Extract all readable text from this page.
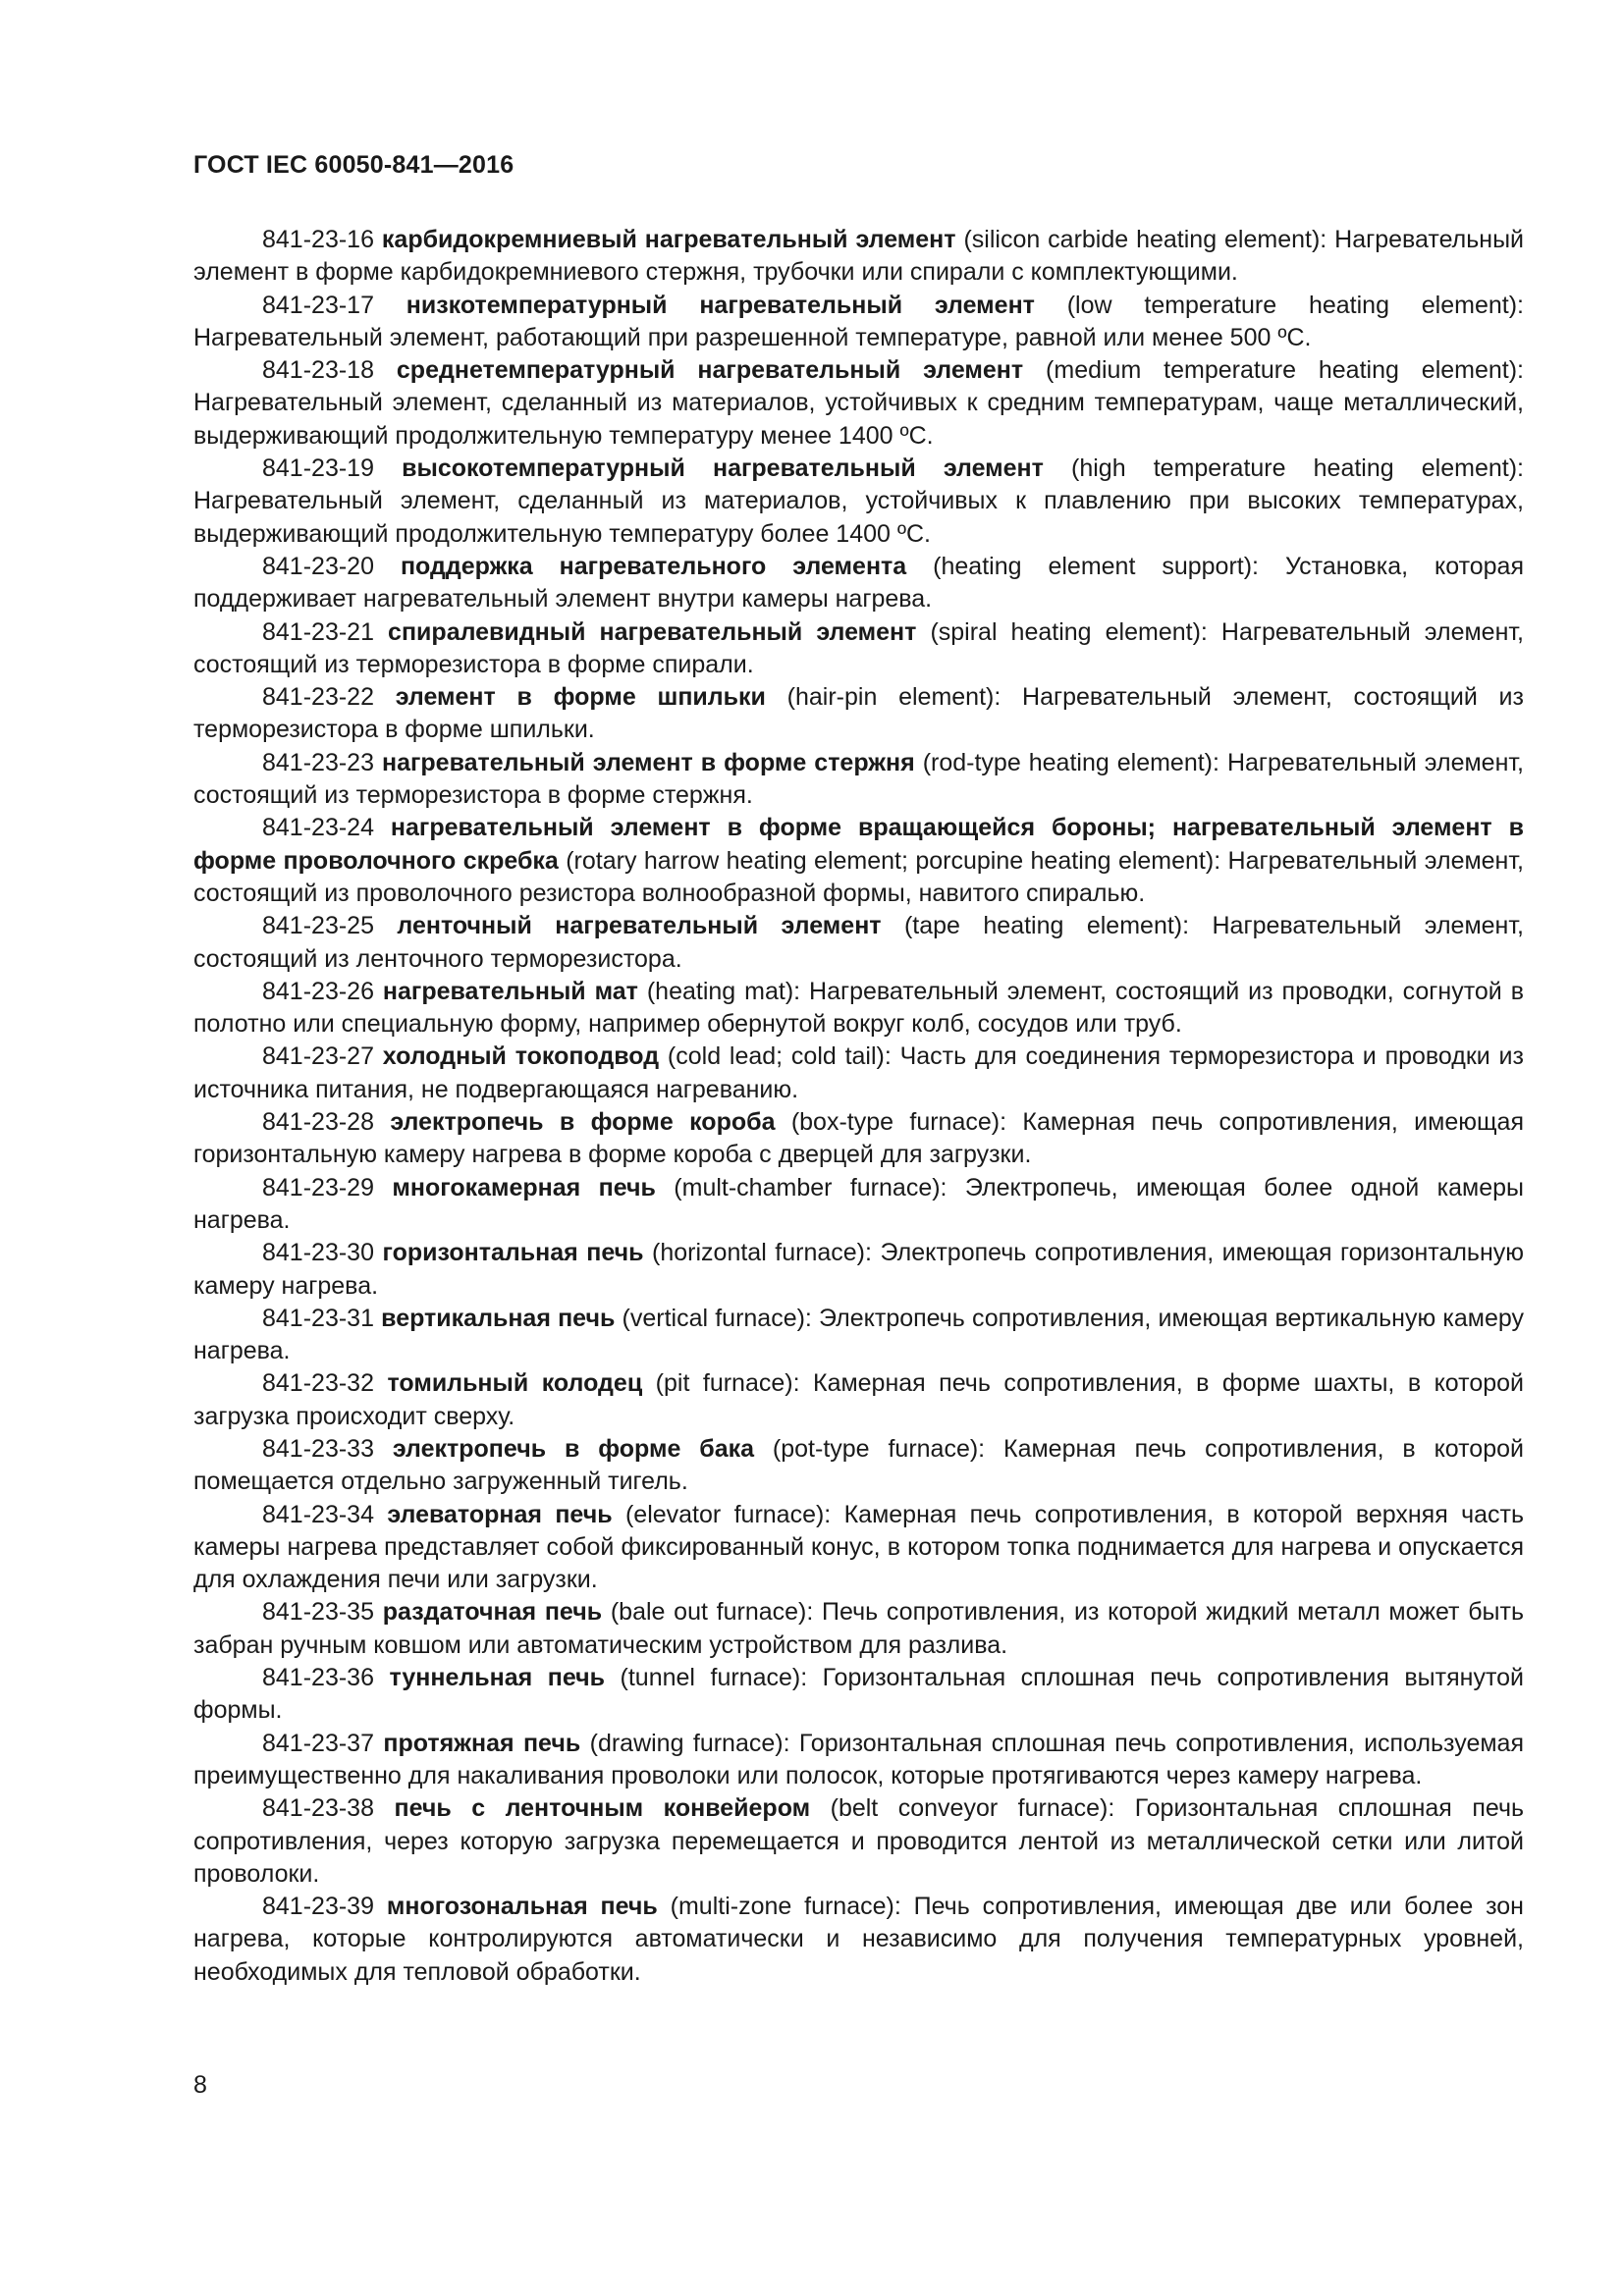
ГОСТ IEC 60050-841—2016

841-23-16 карбидокремниевый нагревательный элемент (silicon carbide heating element): Нагревательный элемент в форме карбидокремниевого стержня, трубочки или спирали с комплектующими.

841-23-17 низкотемпературный нагревательный элемент (low temperature heating element): Нагревательный элемент, работающий при разрешенной температуре, равной или менее 500 ºC.

841-23-18 среднетемпературный нагревательный элемент (medium temperature heating element): Нагревательный элемент, сделанный из материалов, устойчивых к средним температурам, чаще металлический, выдерживающий продолжительную температуру менее 1400 ºC.

841-23-19 высокотемпературный нагревательный элемент (high temperature heating element): Нагревательный элемент, сделанный из материалов, устойчивых к плавлению при высоких температурах, выдерживающий продолжительную температуру более 1400 ºC.

841-23-20 поддержка нагревательного элемента (heating element support): Установка, которая поддерживает нагревательный элемент внутри камеры нагрева.

841-23-21 спиралевидный нагревательный элемент (spiral heating element): Нагревательный элемент, состоящий из терморезистора в форме спирали.

841-23-22 элемент в форме шпильки (hair-pin element): Нагревательный элемент, состоящий из терморезистора в форме шпильки.

841-23-23 нагревательный элемент в форме стержня (rod-type heating element): Нагревательный элемент, состоящий из терморезистора в форме стержня.

841-23-24 нагревательный элемент в форме вращающейся бороны; нагревательный элемент в форме проволочного скребка (rotary harrow heating element; porcupine heating element): Нагревательный элемент, состоящий из проволочного резистора волнообразной формы, навитого спиралью.

841-23-25 ленточный нагревательный элемент (tape heating element): Нагревательный элемент, состоящий из ленточного терморезистора.

841-23-26 нагревательный мат (heating mat): Нагревательный элемент, состоящий из проводки, согнутой в полотно или специальную форму, например обернутой вокруг колб, сосудов или труб.

841-23-27 холодный токоподвод (cold lead; cold tail): Часть для соединения терморезистора и проводки из источника питания, не подвергающаяся нагреванию.

841-23-28 электропечь в форме короба (box-type furnace): Камерная печь сопротивления, имеющая горизонтальную камеру нагрева в форме короба с дверцей для загрузки.

841-23-29 многокамерная печь (mult-chamber furnace): Электропечь, имеющая более одной камеры нагрева.

841-23-30 горизонтальная печь (horizontal furnace): Электропечь сопротивления, имеющая горизонтальную камеру нагрева.

841-23-31 вертикальная печь (vertical furnace): Электропечь сопротивления, имеющая вертикальную камеру нагрева.

841-23-32 томильный колодец (pit furnace): Камерная печь сопротивления, в форме шахты, в которой загрузка происходит сверху.

841-23-33 электропечь в форме бака (pot-type furnace): Камерная печь сопротивления, в которой помещается отдельно загруженный тигель.

841-23-34 элеваторная печь (elevator furnace): Камерная печь сопротивления, в которой верхняя часть камеры нагрева представляет собой фиксированный конус, в котором топка поднимается для нагрева и опускается для охлаждения печи или загрузки.

841-23-35 раздаточная печь (bale out furnace): Печь сопротивления, из которой жидкий металл может быть забран ручным ковшом или автоматическим устройством для разлива.

841-23-36 туннельная печь (tunnel furnace): Горизонтальная сплошная печь сопротивления вытянутой формы.

841-23-37 протяжная печь (drawing furnace): Горизонтальная сплошная печь сопротивления, используемая преимущественно для накаливания проволоки или полосок, которые протягиваются через камеру нагрева.

841-23-38 печь с ленточным конвейером (belt conveyor furnace): Горизонтальная сплошная печь сопротивления, через которую загрузка перемещается и проводится лентой из металлической сетки или литой проволоки.

841-23-39 многозональная печь (multi-zone furnace): Печь сопротивления, имеющая две или более зон нагрева, которые контролируются автоматически и независимо для получения температурных уровней, необходимых для тепловой обработки.

8
